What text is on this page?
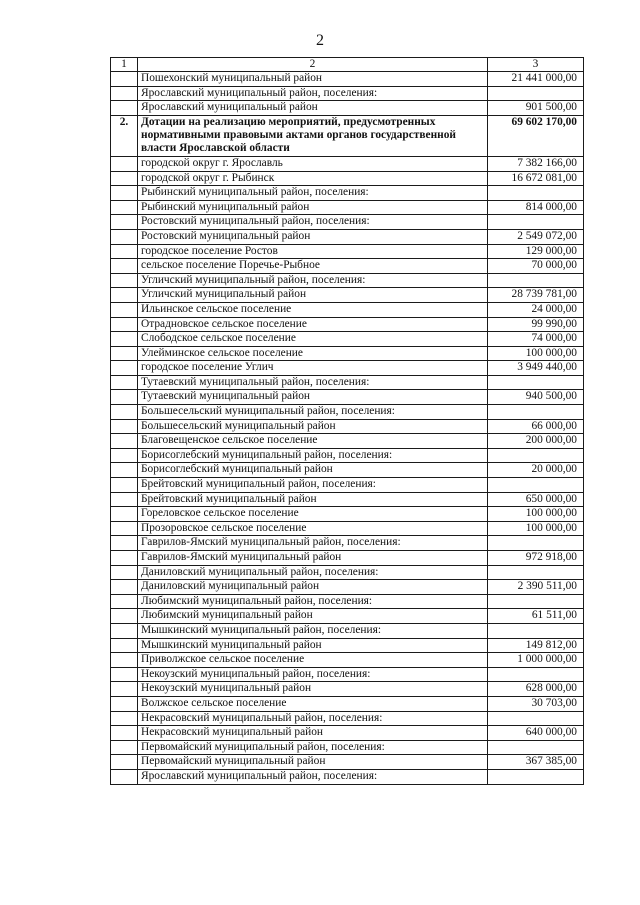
2
1	2	3
	Пошехонский муниципальный район	21 441 000,00
	Ярославский муниципальный район, поселения:	
	Ярославский муниципальный район	901 500,00
2.	Дотации на реализацию мероприятий, предусмотренных нормативными правовыми актами органов государственной власти Ярославской области	69 602 170,00
	городской округ г. Ярославль	7 382 166,00
	городской округ г. Рыбинск	16 672 081,00
	Рыбинский муниципальный район, поселения:	
	Рыбинский муниципальный район	814 000,00
	Ростовский муниципальный район, поселения:	
	Ростовский муниципальный район	2 549 072,00
	городское поселение Ростов	129 000,00
	сельское поселение Поречье-Рыбное	70 000,00
	Угличский муниципальный район, поселения:	
	Угличский муниципальный район	28 739 781,00
	Ильинское сельское поселение	24 000,00
	Отрадновское сельское поселение	99 990,00
	Слободское сельское поселение	74 000,00
	Улейминское сельское поселение	100 000,00
	городское поселение Углич	3 949 440,00
	Тутаевский муниципальный район, поселения:	
	Тутаевский муниципальный район	940 500,00
	Большесельский муниципальный район, поселения:	
	Большесельский муниципальный район	66 000,00
	Благовещенское сельское поселение	200 000,00
	Борисоглебский муниципальный район, поселения:	
	Борисоглебский муниципальный район	20 000,00
	Брейтовский муниципальный район, поселения:	
	Брейтовский муниципальный район	650 000,00
	Гореловское сельское поселение	100 000,00
	Прозоровское сельское поселение	100 000,00
	Гаврилов-Ямский муниципальный район, поселения:	
	Гаврилов-Ямский муниципальный район	972 918,00
	Даниловский муниципальный район, поселения:	
	Даниловский муниципальный район	2 390 511,00
	Любимский муниципальный район, поселения:	
	Любимский муниципальный район	61 511,00
	Мышкинский муниципальный район, поселения:	
	Мышкинский муниципальный район	149 812,00
	Приволжское сельское поселение	1 000 000,00
	Некоузский муниципальный район, поселения:	
	Некоузский муниципальный район	628 000,00
	Волжское сельское поселение	30 703,00
	Некрасовский муниципальный район, поселения:	
	Некрасовский муниципальный район	640 000,00
	Первомайский муниципальный район, поселения:	
	Первомайский муниципальный район	367 385,00
	Ярославский муниципальный район, поселения:	
